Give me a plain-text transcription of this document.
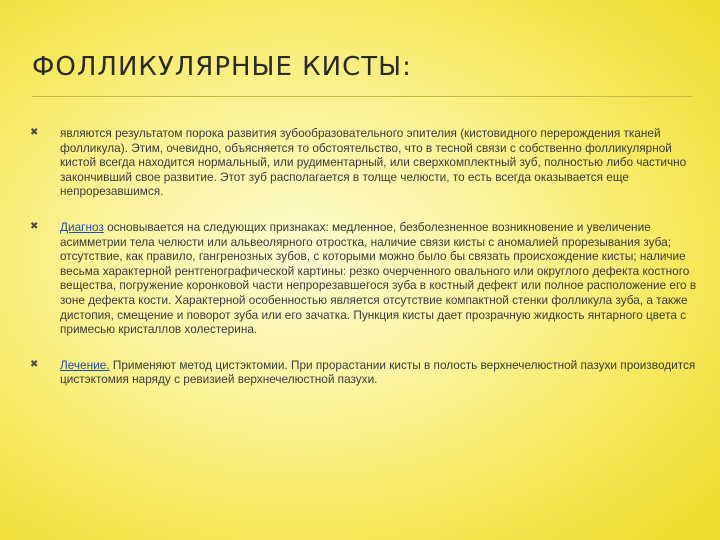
ФОЛЛИКУЛЯРНЫЕ КИСТЫ:
✖ являются результатом порока развития зубообразовательного эпителия (кистовидного перерождения тканей фолликула). Этим, очевидно, объясняется то обстоятельство, что в тесной связи с собственно фолликулярной кистой всегда находится нормальный, или рудиментарный, или сверхкомплектный зуб, полностью либо частично закончивший свое развитие. Этот зуб располагается в толще челюсти, то есть всегда оказывается еще непрорезавшимся.
✖ Диагноз основывается на следующих признаках: медленное, безболезненное возникновение и увеличение асимметрии тела челюсти или альвеолярного отростка, наличие связи кисты с аномалией прорезывания зуба; отсутствие, как правило, гангренозных зубов, с которыми можно было бы связать происхождение кисты; наличие весьма характерной рентгенографической картины: резко очерченного овального или округлого дефекта костного вещества, погружение коронковой части непрорезавшегося зуба в костный дефект или полное расположение его в зоне дефекта кости. Характерной особенностью является отсутствие компактной стенки фолликула зуба, а также дистопия, смещение и поворот зуба или его зачатка. Пункция кисты дает прозрачную жидкость янтарного цвета с примесью кристаллов холестерина.
✖ Лечение. Применяют метод цистэктомии. При прорастании кисты в полость верхнечелюстной пазухи производится цистэктомия наряду с ревизией верхнечелюстной пазухи.
